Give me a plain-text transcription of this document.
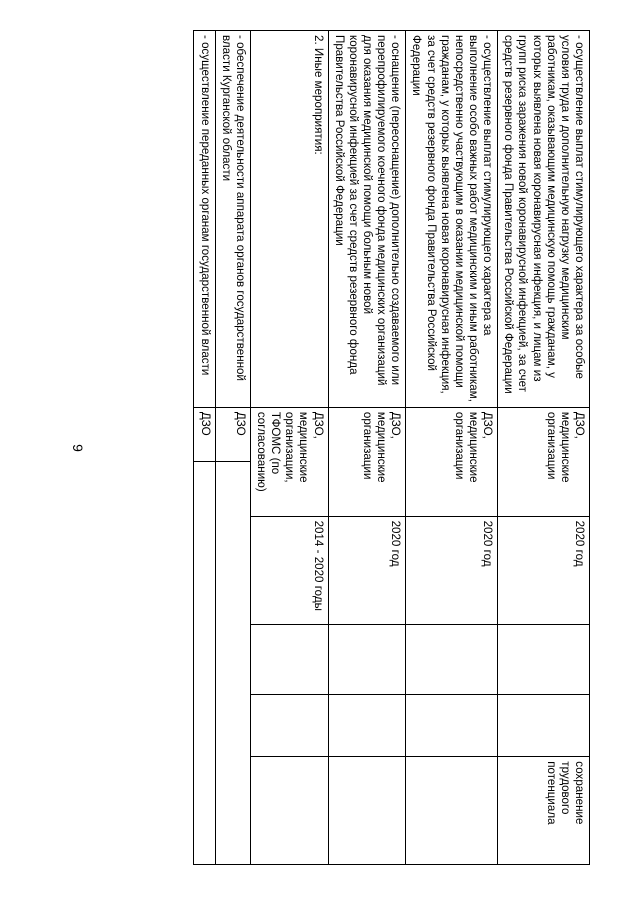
9
- осуществление выплат стимулирующего характера за особые условия труда и дополнительную нагрузку медицинским работникам, оказывающим медицинскую помощь гражданам, у которых выявлена новая коронавирусная инфекция, и лицам из групп риска заражения новой коронавирусной инфекцией, за счет средств резервного фонда Правительства Российской Федерации	ДЗО, медицинские организации		2020 год			сохранение трудового потенциала
- осуществление выплат стимулирующего характера за выполнение особо важных работ медицинским и иным работникам, непосредственно участвующим в оказании медицинской помощи гражданам, у которых выявлена новая коронавирусная инфекция, за счет средств резервного фонда Правительства Российской Федерации	ДЗО, медицинские организации		2020 год			
- оснащение (переоснащение) дополнительно создаваемого или перепрофилируемого коечного фонда медицинских организаций для оказания медицинской помощи больным новой коронавирусной инфекцией за счет средств резервного фонда Правительства Российской Федерации	ДЗО, медицинские организации		2020 год			
2. Иные мероприятия:	ДЗО, медицинские организации, ТФОМС (по согласованию)		2014 - 2020 годы			
- обеспечение деятельности аппарата органов государственной власти Курганской области	ДЗО					
- осуществление переданных органам государственной власти	ДЗО					
